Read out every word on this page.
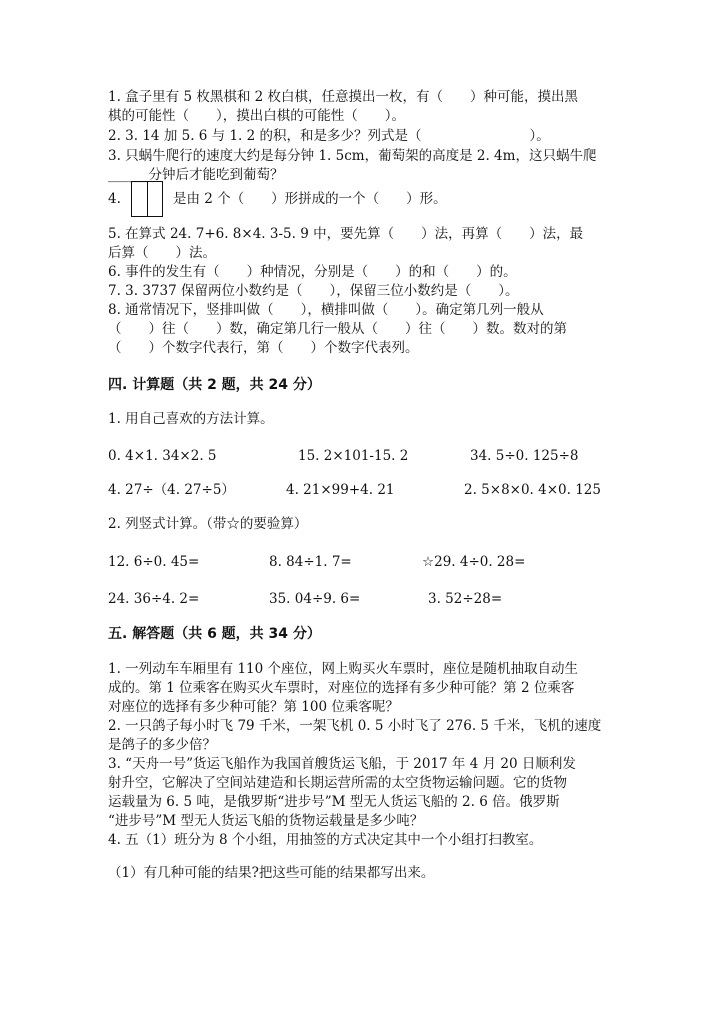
1. 盒子里有 5 枚黑棋和 2 枚白棋，任意摸出一枚，有（　　）种可能，摸出黑
棋的可能性（　　），摸出白棋的可能性（　　）。
2. 3. 14 加 5. 6 与 1. 2 的积，和是多少？列式是（　　　　　　　　）。
3. 只蜗牛爬行的速度大约是每分钟 1. 5cm，葡萄架的高度是 2. 4m，这只蜗牛爬
______分钟后才能吃到葡萄？
4.	是由 2 个（　　）形拼成的一个（　　）形。
5. 在算式 24. 7+6. 8×4. 3-5. 9 中，要先算（　　）法，再算（　　）法，最
后算（　　）法。
6. 事件的发生有（　　）种情况，分别是（　　）的和（　　）的。
7. 3. 3737 保留两位小数约是（　　），保留三位小数约是（　　）。
8. 通常情况下，竖排叫做（　　），横排叫做（　　）。确定第几列一般从
（　　）往（　　）数，确定第几行一般从（　　）往（　　）数。数对的第
（　　）个数字代表行，第（　　）个数字代表列。
四. 计算题（共 2 题，共 24 分）
1. 用自己喜欢的方法计算。
0. 4×1. 34×2. 5	15. 2×101-15. 2	34. 5÷0. 125÷8
4. 27÷（4. 27÷5）	4. 21×99+4. 21	2. 5×8×0. 4×0. 125
2. 列竖式计算。（带☆的要验算）
12. 6÷0. 45=	8. 84÷1. 7=	☆29. 4÷0. 28=
24. 36÷4. 2=	35. 04÷9. 6=	3. 52÷28=
五. 解答题（共 6 题，共 34 分）
1. 一列动车车厢里有 110 个座位，网上购买火车票时，座位是随机抽取自动生
成的。第 1 位乘客在购买火车票时，对座位的选择有多少种可能？第 2 位乘客
对座位的选择有多少种可能？第 100 位乘客呢？
2. 一只鸽子每小时飞 79 千米，一架飞机 0. 5 小时飞了 276. 5 千米，飞机的速度
是鸽子的多少倍？
3. “天舟一号”货运飞船作为我国首艘货运飞船，于 2017 年 4 月 20 日顺利发
射升空，它解决了空间站建造和长期运营所需的太空货物运输问题。它的货物
运载量为 6. 5 吨，是俄罗斯“进步号”M 型无人货运飞船的 2. 6 倍。俄罗斯
“进步号”M 型无人货运飞船的货物运载量是多少吨？
4. 五（1）班分为 8 个小组，用抽签的方式决定其中一个小组打扫教室。
（1）有几种可能的结果?把这些可能的结果都写出来。
